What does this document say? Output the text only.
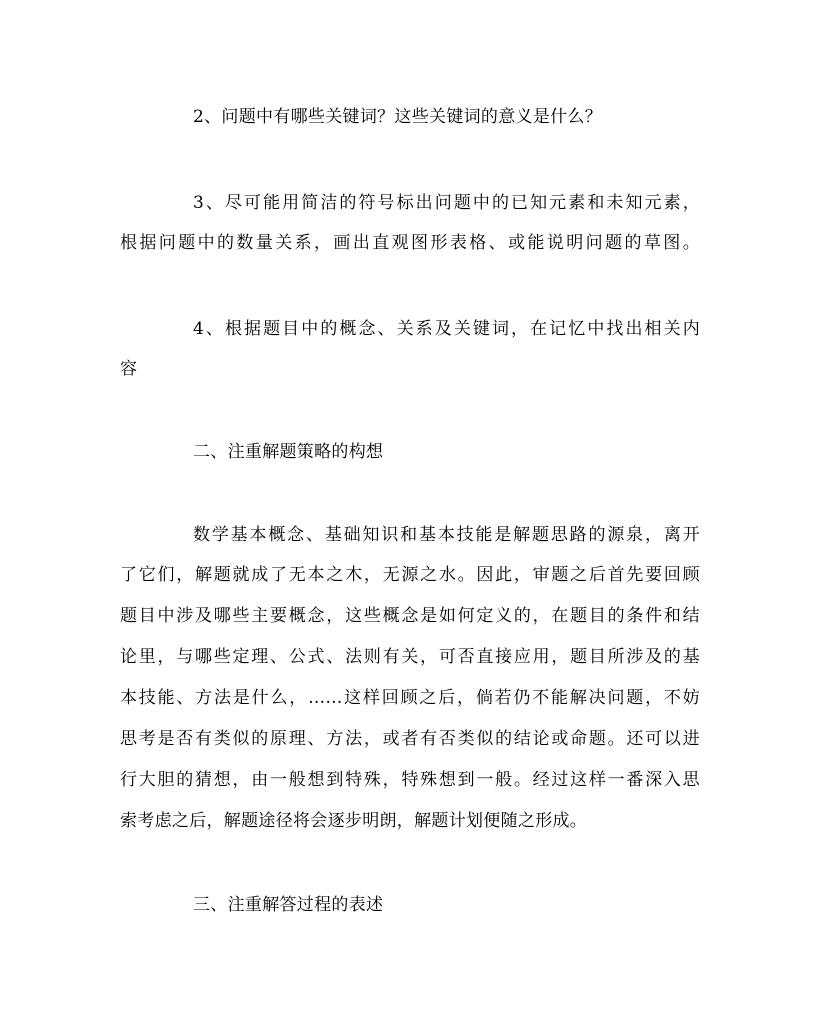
2、问题中有哪些关键词？这些关键词的意义是什么？
3、尽可能用简洁的符号标出问题中的已知元素和未知元素，
根据问题中的数量关系，画出直观图形表格、或能说明问题的草图。
4、根据题目中的概念、关系及关键词，在记忆中找出相关内
容
二、注重解题策略的构想
数学基本概念、基础知识和基本技能是解题思路的源泉，离开
了它们，解题就成了无本之木，无源之水。因此，审题之后首先要回顾
题目中涉及哪些主要概念，这些概念是如何定义的，在题目的条件和结
论里，与哪些定理、公式、法则有关，可否直接应用，题目所涉及的基
本技能、方法是什么，……这样回顾之后，倘若仍不能解决问题，不妨
思考是否有类似的原理、方法，或者有否类似的结论或命题。还可以进
行大胆的猜想，由一般想到特殊，特殊想到一般。经过这样一番深入思
索考虑之后，解题途径将会逐步明朗，解题计划便随之形成。
三、注重解答过程的表述
